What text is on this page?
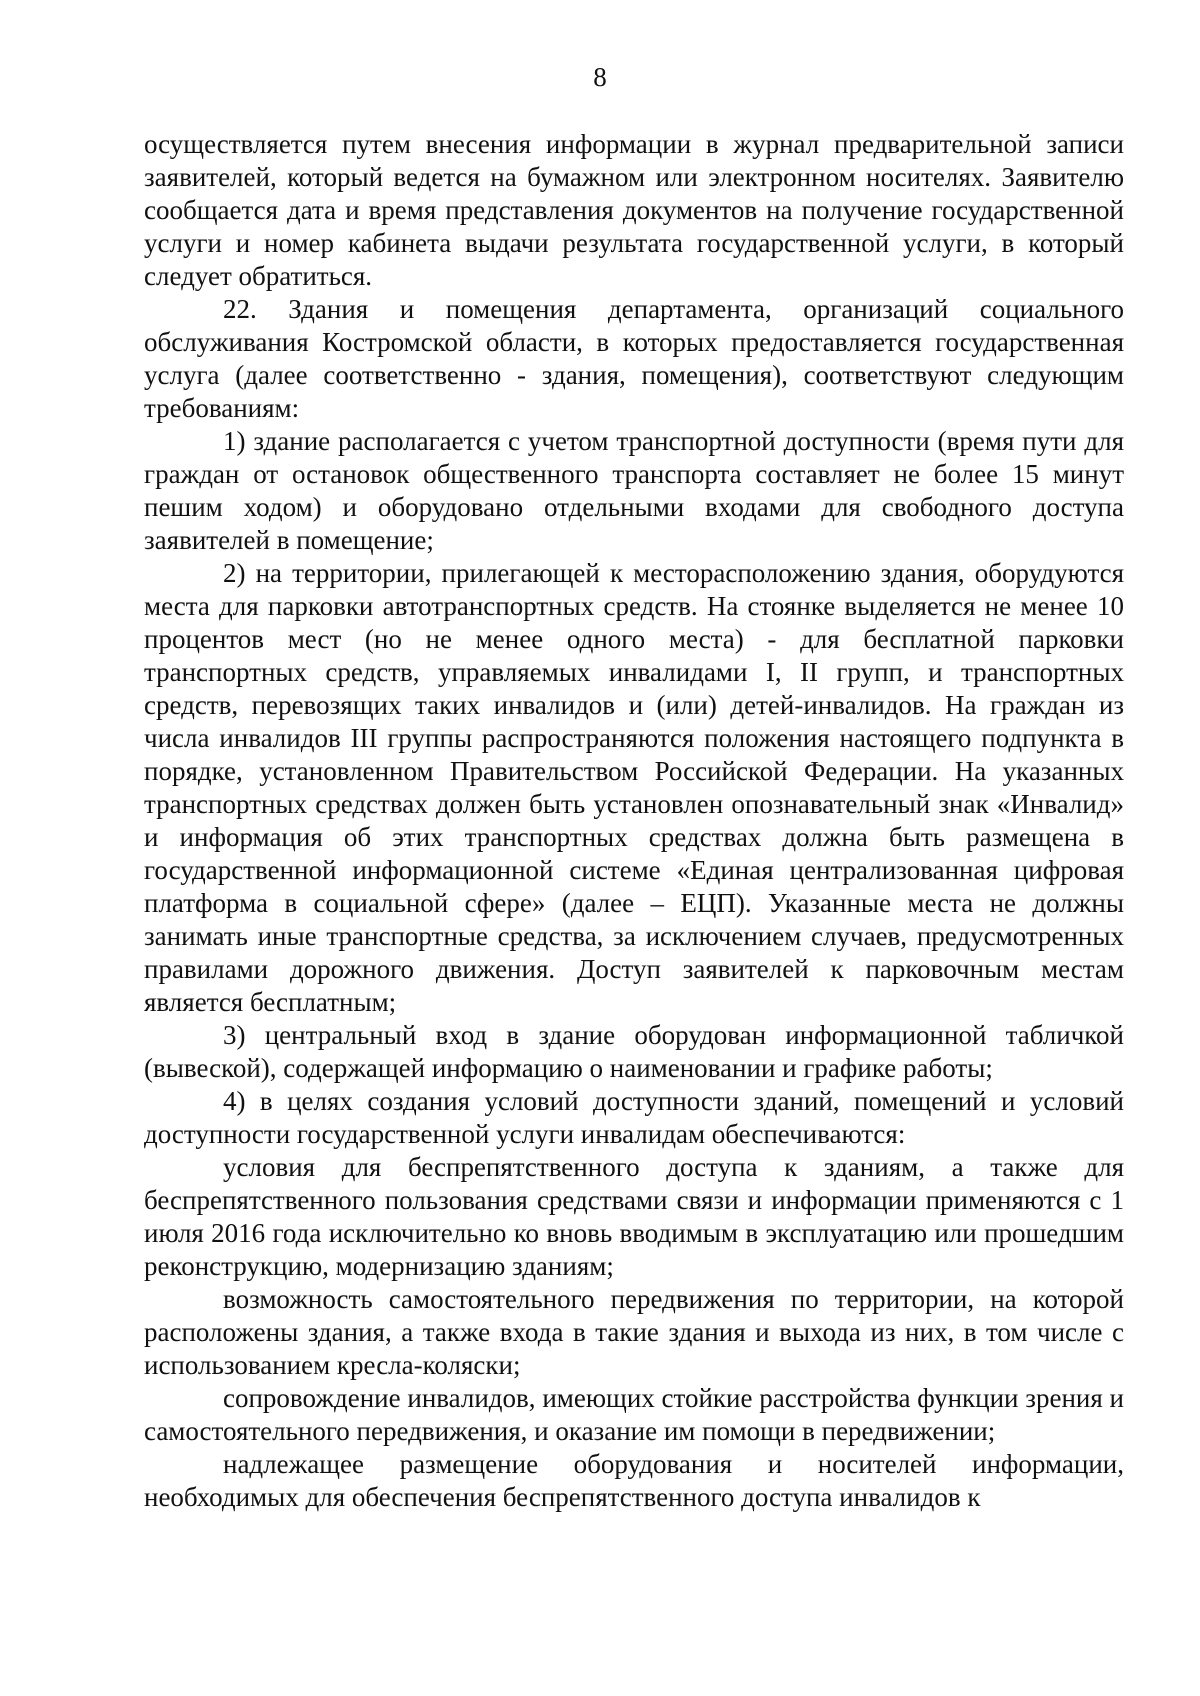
8

осуществляется путем внесения информации в журнал предварительной записи заявителей, который ведется на бумажном или электронном носителях. Заявителю сообщается дата и время представления документов на получение государственной услуги и номер кабинета выдачи результата государственной услуги, в который следует обратиться.

22. Здания и помещения департамента, организаций социального обслуживания Костромской области, в которых предоставляется государственная услуга (далее соответственно - здания, помещения), соответствуют следующим требованиям:

1) здание располагается с учетом транспортной доступности (время пути для граждан от остановок общественного транспорта составляет не более 15 минут пешим ходом) и оборудовано отдельными входами для свободного доступа заявителей в помещение;

2) на территории, прилегающей к месторасположению здания, оборудуются места для парковки автотранспортных средств. На стоянке выделяется не менее 10 процентов мест (но не менее одного места) - для бесплатной парковки транспортных средств, управляемых инвалидами I, II групп, и транспортных средств, перевозящих таких инвалидов и (или) детей-инвалидов. На граждан из числа инвалидов III группы распространяются положения настоящего подпункта в порядке, установленном Правительством Российской Федерации. На указанных транспортных средствах должен быть установлен опознавательный знак «Инвалид» и информация об этих транспортных средствах должна быть размещена в государственной информационной системе «Единая централизованная цифровая платформа в социальной сфере» (далее – ЕЦП). Указанные места не должны занимать иные транспортные средства, за исключением случаев, предусмотренных правилами дорожного движения. Доступ заявителей к парковочным местам является бесплатным;

3) центральный вход в здание оборудован информационной табличкой (вывеской), содержащей информацию о наименовании и графике работы;

4) в целях создания условий доступности зданий, помещений и условий доступности государственной услуги инвалидам обеспечиваются:

условия для беспрепятственного доступа к зданиям, а также для беспрепятственного пользования средствами связи и информации применяются с 1 июля 2016 года исключительно ко вновь вводимым в эксплуатацию или прошедшим реконструкцию, модернизацию зданиям;

возможность самостоятельного передвижения по территории, на которой расположены здания, а также входа в такие здания и выхода из них, в том числе с использованием кресла-коляски;

сопровождение инвалидов, имеющих стойкие расстройства функции зрения и самостоятельного передвижения, и оказание им помощи в передвижении;

надлежащее размещение оборудования и носителей информации, необходимых для обеспечения беспрепятственного доступа инвалидов к
